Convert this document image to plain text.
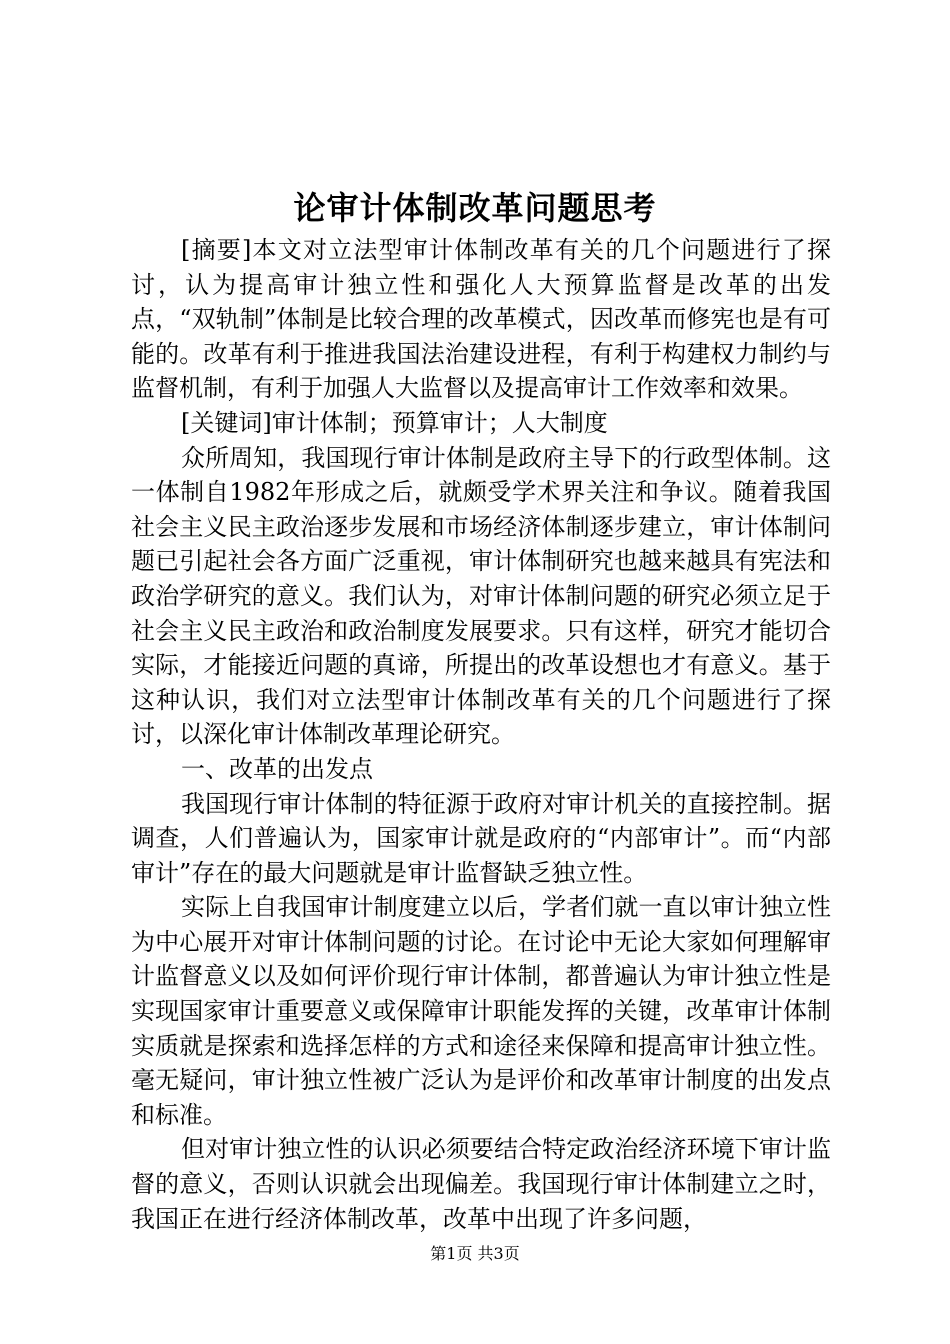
论审计体制改革问题思考

[摘要]本文对立法型审计体制改革有关的几个问题进行了探讨，认为提高审计独立性和强化人大预算监督是改革的出发点，“双轨制”体制是比较合理的改革模式，因改革而修宪也是有可能的。改革有利于推进我国法治建设进程，有利于构建权力制约与监督机制，有利于加强人大监督以及提高审计工作效率和效果。

[关键词]审计体制；预算审计；人大制度

众所周知，我国现行审计体制是政府主导下的行政型体制。这一体制自1982年形成之后，就颇受学术界关注和争议。随着我国社会主义民主政治逐步发展和市场经济体制逐步建立，审计体制问题已引起社会各方面广泛重视，审计体制研究也越来越具有宪法和政治学研究的意义。我们认为，对审计体制问题的研究必须立足于社会主义民主政治和政治制度发展要求。只有这样，研究才能切合实际，才能接近问题的真谛，所提出的改革设想也才有意义。基于这种认识，我们对立法型审计体制改革有关的几个问题进行了探讨，以深化审计体制改革理论研究。

一、改革的出发点

我国现行审计体制的特征源于政府对审计机关的直接控制。据调查，人们普遍认为，国家审计就是政府的“内部审计”。而“内部审计”存在的最大问题就是审计监督缺乏独立性。

实际上自我国审计制度建立以后，学者们就一直以审计独立性为中心展开对审计体制问题的讨论。在讨论中无论大家如何理解审计监督意义以及如何评价现行审计体制，都普遍认为审计独立性是实现国家审计重要意义或保障审计职能发挥的关键，改革审计体制实质就是探索和选择怎样的方式和途径来保障和提高审计独立性。毫无疑问，审计独立性被广泛认为是评价和改革审计制度的出发点和标准。

但对审计独立性的认识必须要结合特定政治经济环境下审计监督的意义，否则认识就会出现偏差。我国现行审计体制建立之时，我国正在进行经济体制改革，改革中出现了许多问题，

第1页 共3页
